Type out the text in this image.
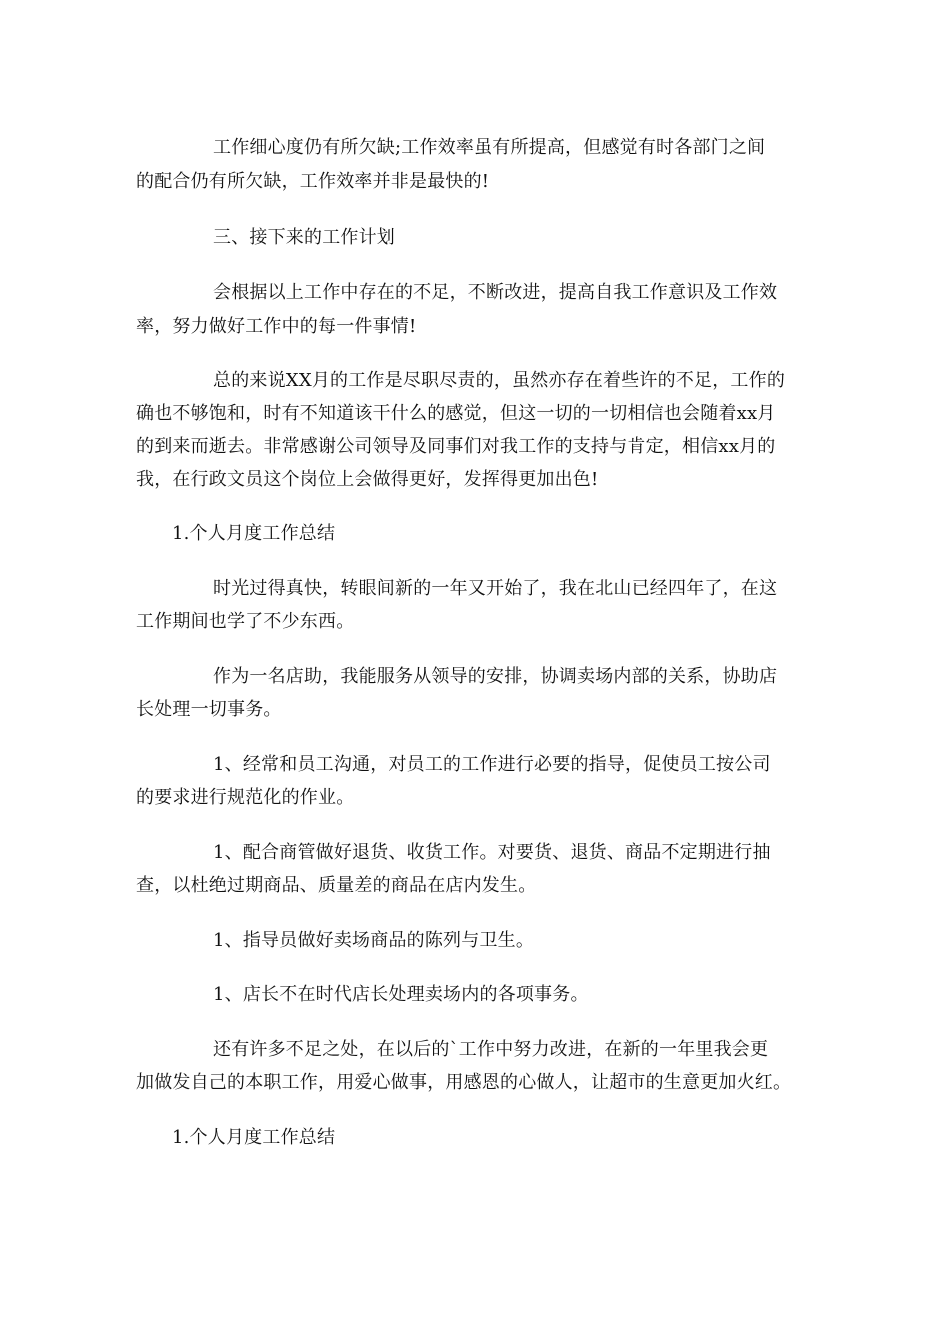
工作细心度仍有所欠缺;工作效率虽有所提高，但感觉有时各部门之间
的配合仍有所欠缺，工作效率并非是最快的!
三、接下来的工作计划
会根据以上工作中存在的不足，不断改进，提高自我工作意识及工作效
率，努力做好工作中的每一件事情!
总的来说XX月的工作是尽职尽责的，虽然亦存在着些许的不足，工作的
确也不够饱和，时有不知道该干什么的感觉，但这一切的一切相信也会随着xx月
的到来而逝去。非常感谢公司领导及同事们对我工作的支持与肯定，相信xx月的
我，在行政文员这个岗位上会做得更好，发挥得更加出色!
1.个人月度工作总结
时光过得真快，转眼间新的一年又开始了，我在北山已经四年了，在这
工作期间也学了不少东西。
作为一名店助，我能服务从领导的安排，协调卖场内部的关系，协助店
长处理一切事务。
1、经常和员工沟通，对员工的工作进行必要的指导，促使员工按公司
的要求进行规范化的作业。
1、配合商管做好退货、收货工作。对要货、退货、商品不定期进行抽
查，以杜绝过期商品、质量差的商品在店内发生。
1、指导员做好卖场商品的陈列与卫生。
1、店长不在时代店长处理卖场内的各项事务。
还有许多不足之处，在以后的`工作中努力改进，在新的一年里我会更
加做发自己的本职工作，用爱心做事，用感恩的心做人，让超市的生意更加火红。
1.个人月度工作总结
